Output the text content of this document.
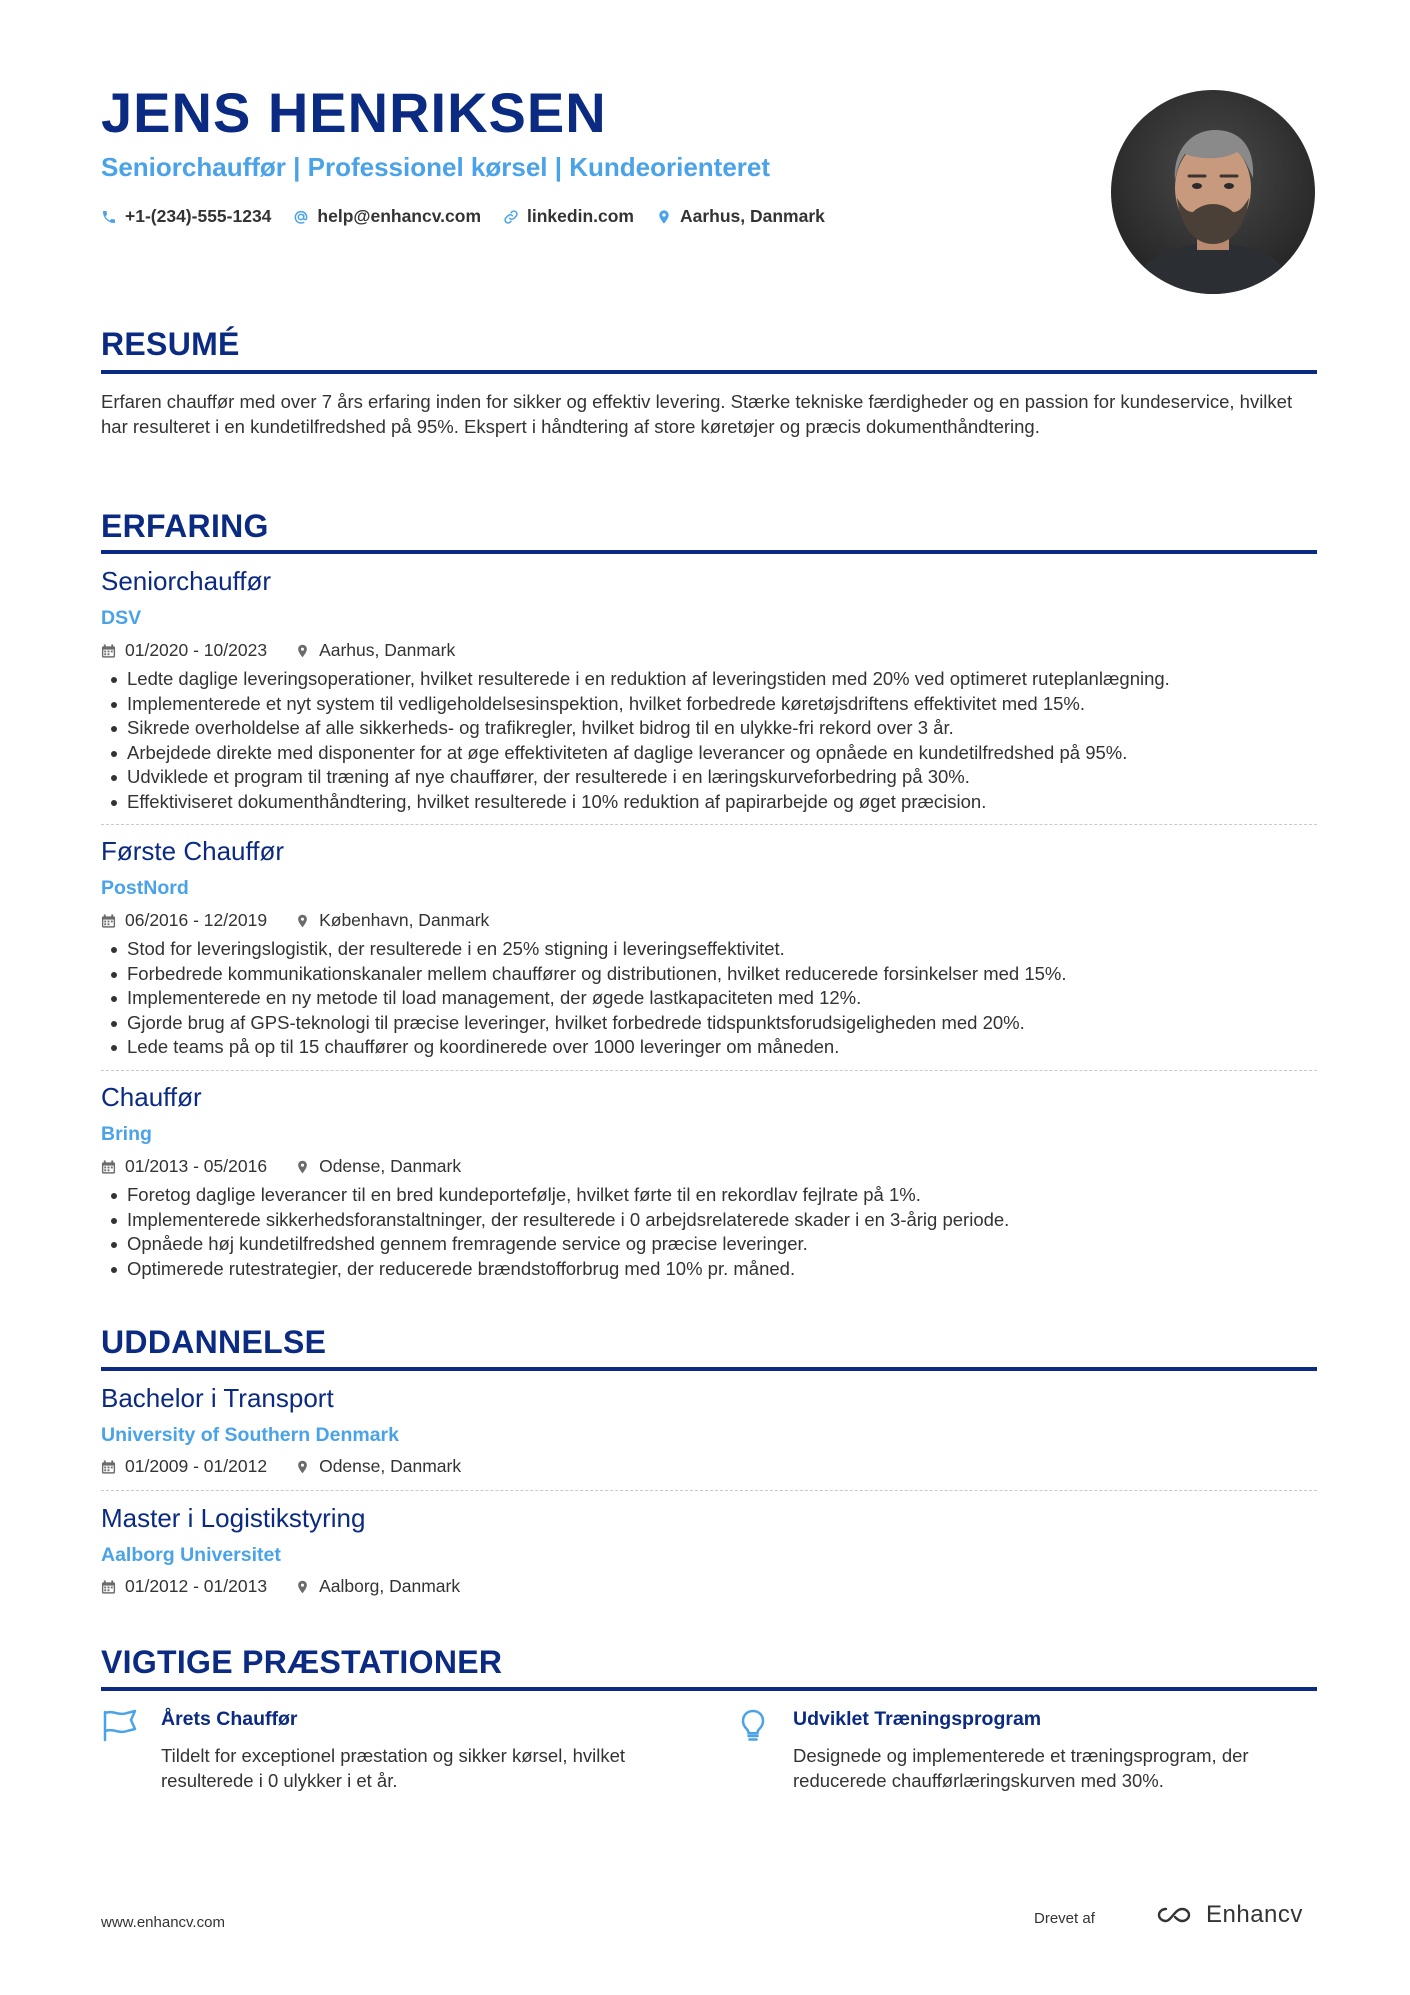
JENS HENRIKSEN
Seniorchauffør | Professionel kørsel | Kundeorienteret
+1-(234)-555-1234	help@enhancv.com	linkedin.com	Aarhus, Danmark
RESUMÉ

Erfaren chauffør med over 7 års erfaring inden for sikker og effektiv levering. Stærke tekniske færdigheder og en passion for kundeservice, hvilket har resulteret i en kundetilfredshed på 95%. Ekspert i håndtering af store køretøjer og præcis dokumenthåndtering.

ERFARING
Seniorchauffør
DSV
01/2020 - 10/2023	Aarhus, Danmark
Ledte daglige leveringsoperationer, hvilket resulterede i en reduktion af leveringstiden med 20% ved optimeret ruteplanlægning.
Implementerede et nyt system til vedligeholdelsesinspektion, hvilket forbedrede køretøjsdriftens effektivitet med 15%.
Sikrede overholdelse af alle sikkerheds- og trafikregler, hvilket bidrog til en ulykke-fri rekord over 3 år.
Arbejdede direkte med disponenter for at øge effektiviteten af daglige leverancer og opnåede en kundetilfredshed på 95%.
Udviklede et program til træning af nye chauffører, der resulterede i en læringskurveforbedring på 30%.
Effektiviseret dokumenthåndtering, hvilket resulterede i 10% reduktion af papirarbejde og øget præcision.
Første Chauffør
PostNord
06/2016 - 12/2019	København, Danmark
Stod for leveringslogistik, der resulterede i en 25% stigning i leveringseffektivitet.
Forbedrede kommunikationskanaler mellem chauffører og distributionen, hvilket reducerede forsinkelser med 15%.
Implementerede en ny metode til load management, der øgede lastkapaciteten med 12%.
Gjorde brug af GPS-teknologi til præcise leveringer, hvilket forbedrede tidspunktsforudsigeligheden med 20%.
Lede teams på op til 15 chauffører og koordinerede over 1000 leveringer om måneden.
Chauffør
Bring
01/2013 - 05/2016	Odense, Danmark
Foretog daglige leverancer til en bred kundeportefølje, hvilket førte til en rekordlav fejlrate på 1%.
Implementerede sikkerhedsforanstaltninger, der resulterede i 0 arbejdsrelaterede skader i en 3-årig periode.
Opnåede høj kundetilfredshed gennem fremragende service og præcise leveringer.
Optimerede rutestrategier, der reducerede brændstofforbrug med 10% pr. måned.
UDDANNELSE
Bachelor i Transport
University of Southern Denmark
01/2009 - 01/2012	Odense, Danmark
Master i Logistikstyring
Aalborg Universitet
01/2012 - 01/2013	Aalborg, Danmark
VIGTIGE PRÆSTATIONER
Årets Chauffør

Tildelt for exceptionel præstation og sikker kørsel, hvilket resulterede i 0 ulykker i et år.

Udviklet Træningsprogram

Designede og implementerede et træningsprogram, der reducerede chaufførlæringskurven med 30%.

www.enhancv.com	Drevet af	Enhancv
